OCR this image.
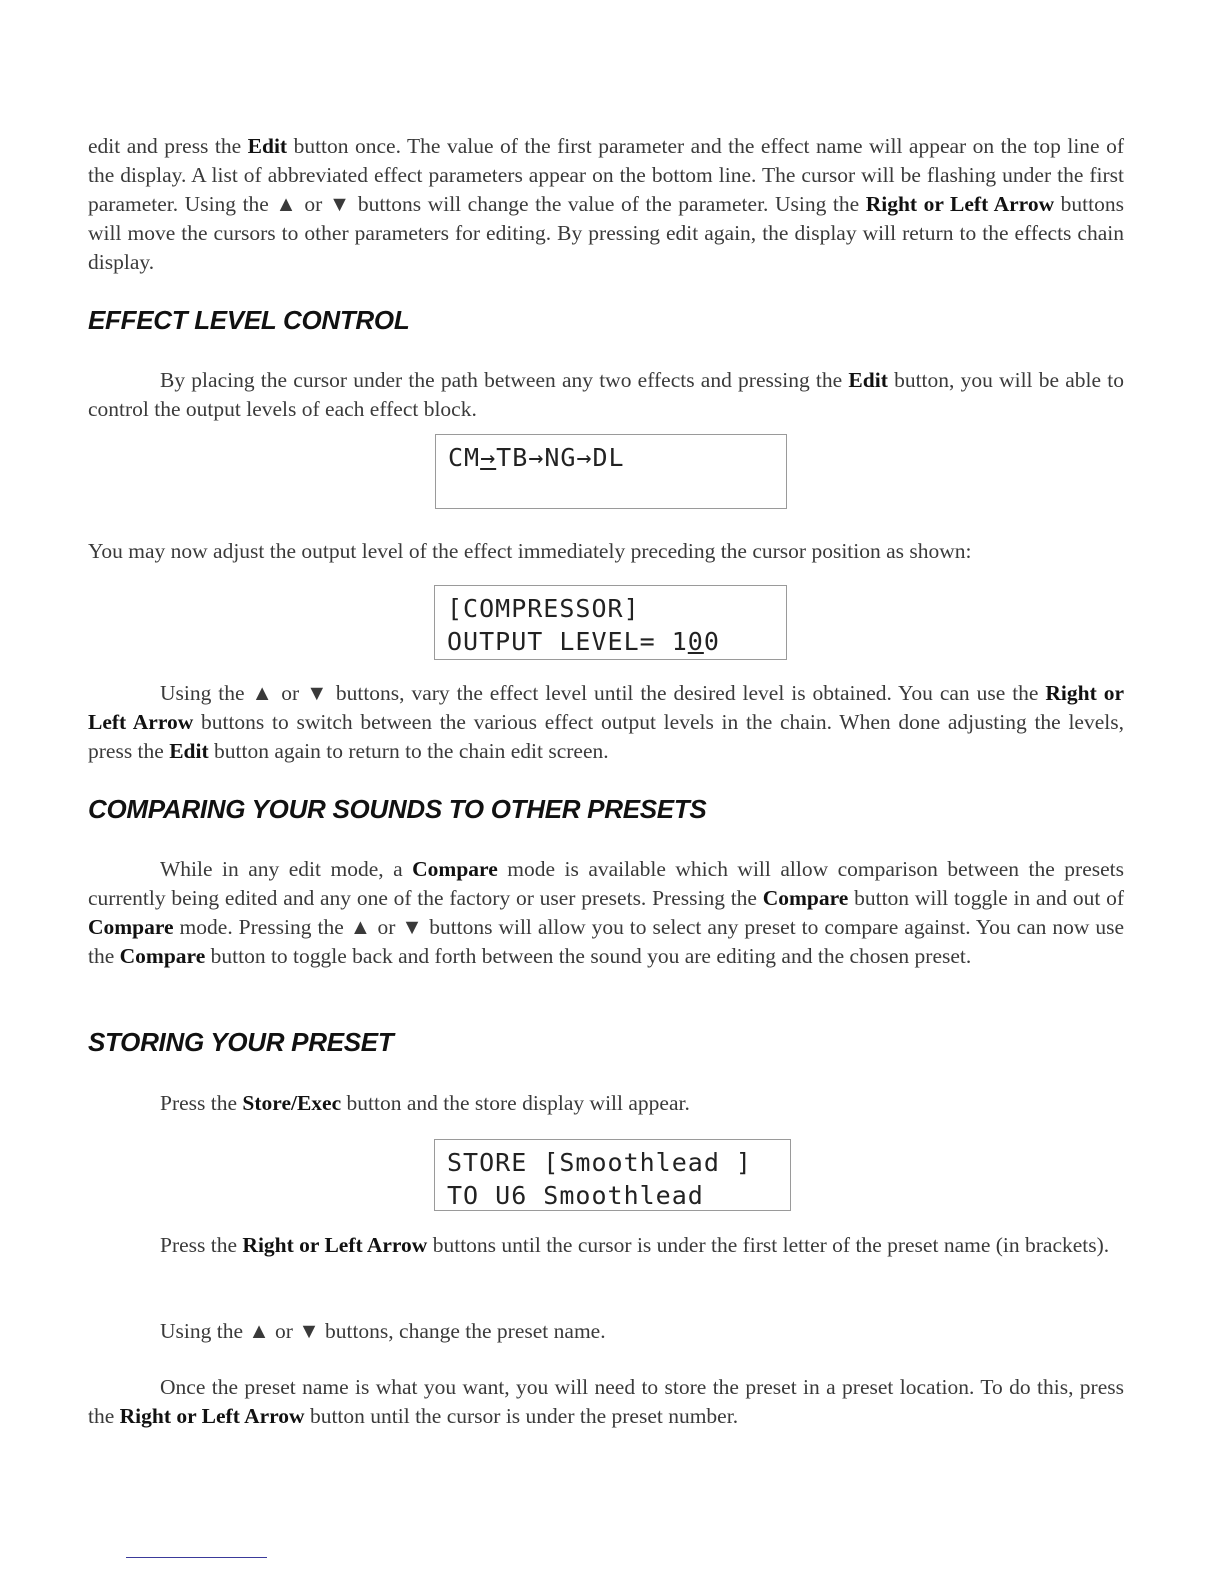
edit and press the Edit button once. The value of the first parameter and the effect name will appear on the top line of the display. A list of abbreviated effect parameters appear on the bottom line. The cursor will be flashing under the first parameter. Using the ▲ or ▼ buttons will change the value of the parameter. Using the Right or Left Arrow buttons will move the cursors to other parameters for editing. By pressing edit again, the display will return to the effects chain display.

EFFECT LEVEL CONTROL

By placing the cursor under the path between any two effects and pressing the Edit button, you will be able to control the output levels of each effect block.

CM→TB→NG→DL

You may now adjust the output level of the effect immediately preceding the cursor position as shown:

[COMPRESSOR]
OUTPUT LEVEL= 100

Using the ▲ or ▼ buttons, vary the effect level until the desired level is obtained. You can use the Right or Left Arrow buttons to switch between the various effect output levels in the chain. When done adjusting the levels, press the Edit button again to return to the chain edit screen.

COMPARING YOUR SOUNDS TO OTHER PRESETS

While in any edit mode, a Compare mode is available which will allow comparison between the presets currently being edited and any one of the factory or user presets. Pressing the Compare button will toggle in and out of Compare mode. Pressing the ▲ or ▼ buttons will allow you to select any preset to compare against. You can now use the Compare button to toggle back and forth between the sound you are editing and the chosen preset.

STORING YOUR PRESET

Press the Store/Exec button and the store display will appear.

STORE [Smoothlead ]
TO U6 Smoothlead

Press the Right or Left Arrow buttons until the cursor is under the first letter of the preset name (in brackets).

Using the ▲ or ▼ buttons, change the preset name.

Once the preset name is what you want, you will need to store the preset in a preset location. To do this, press the Right or Left Arrow button until the cursor is under the preset number.
